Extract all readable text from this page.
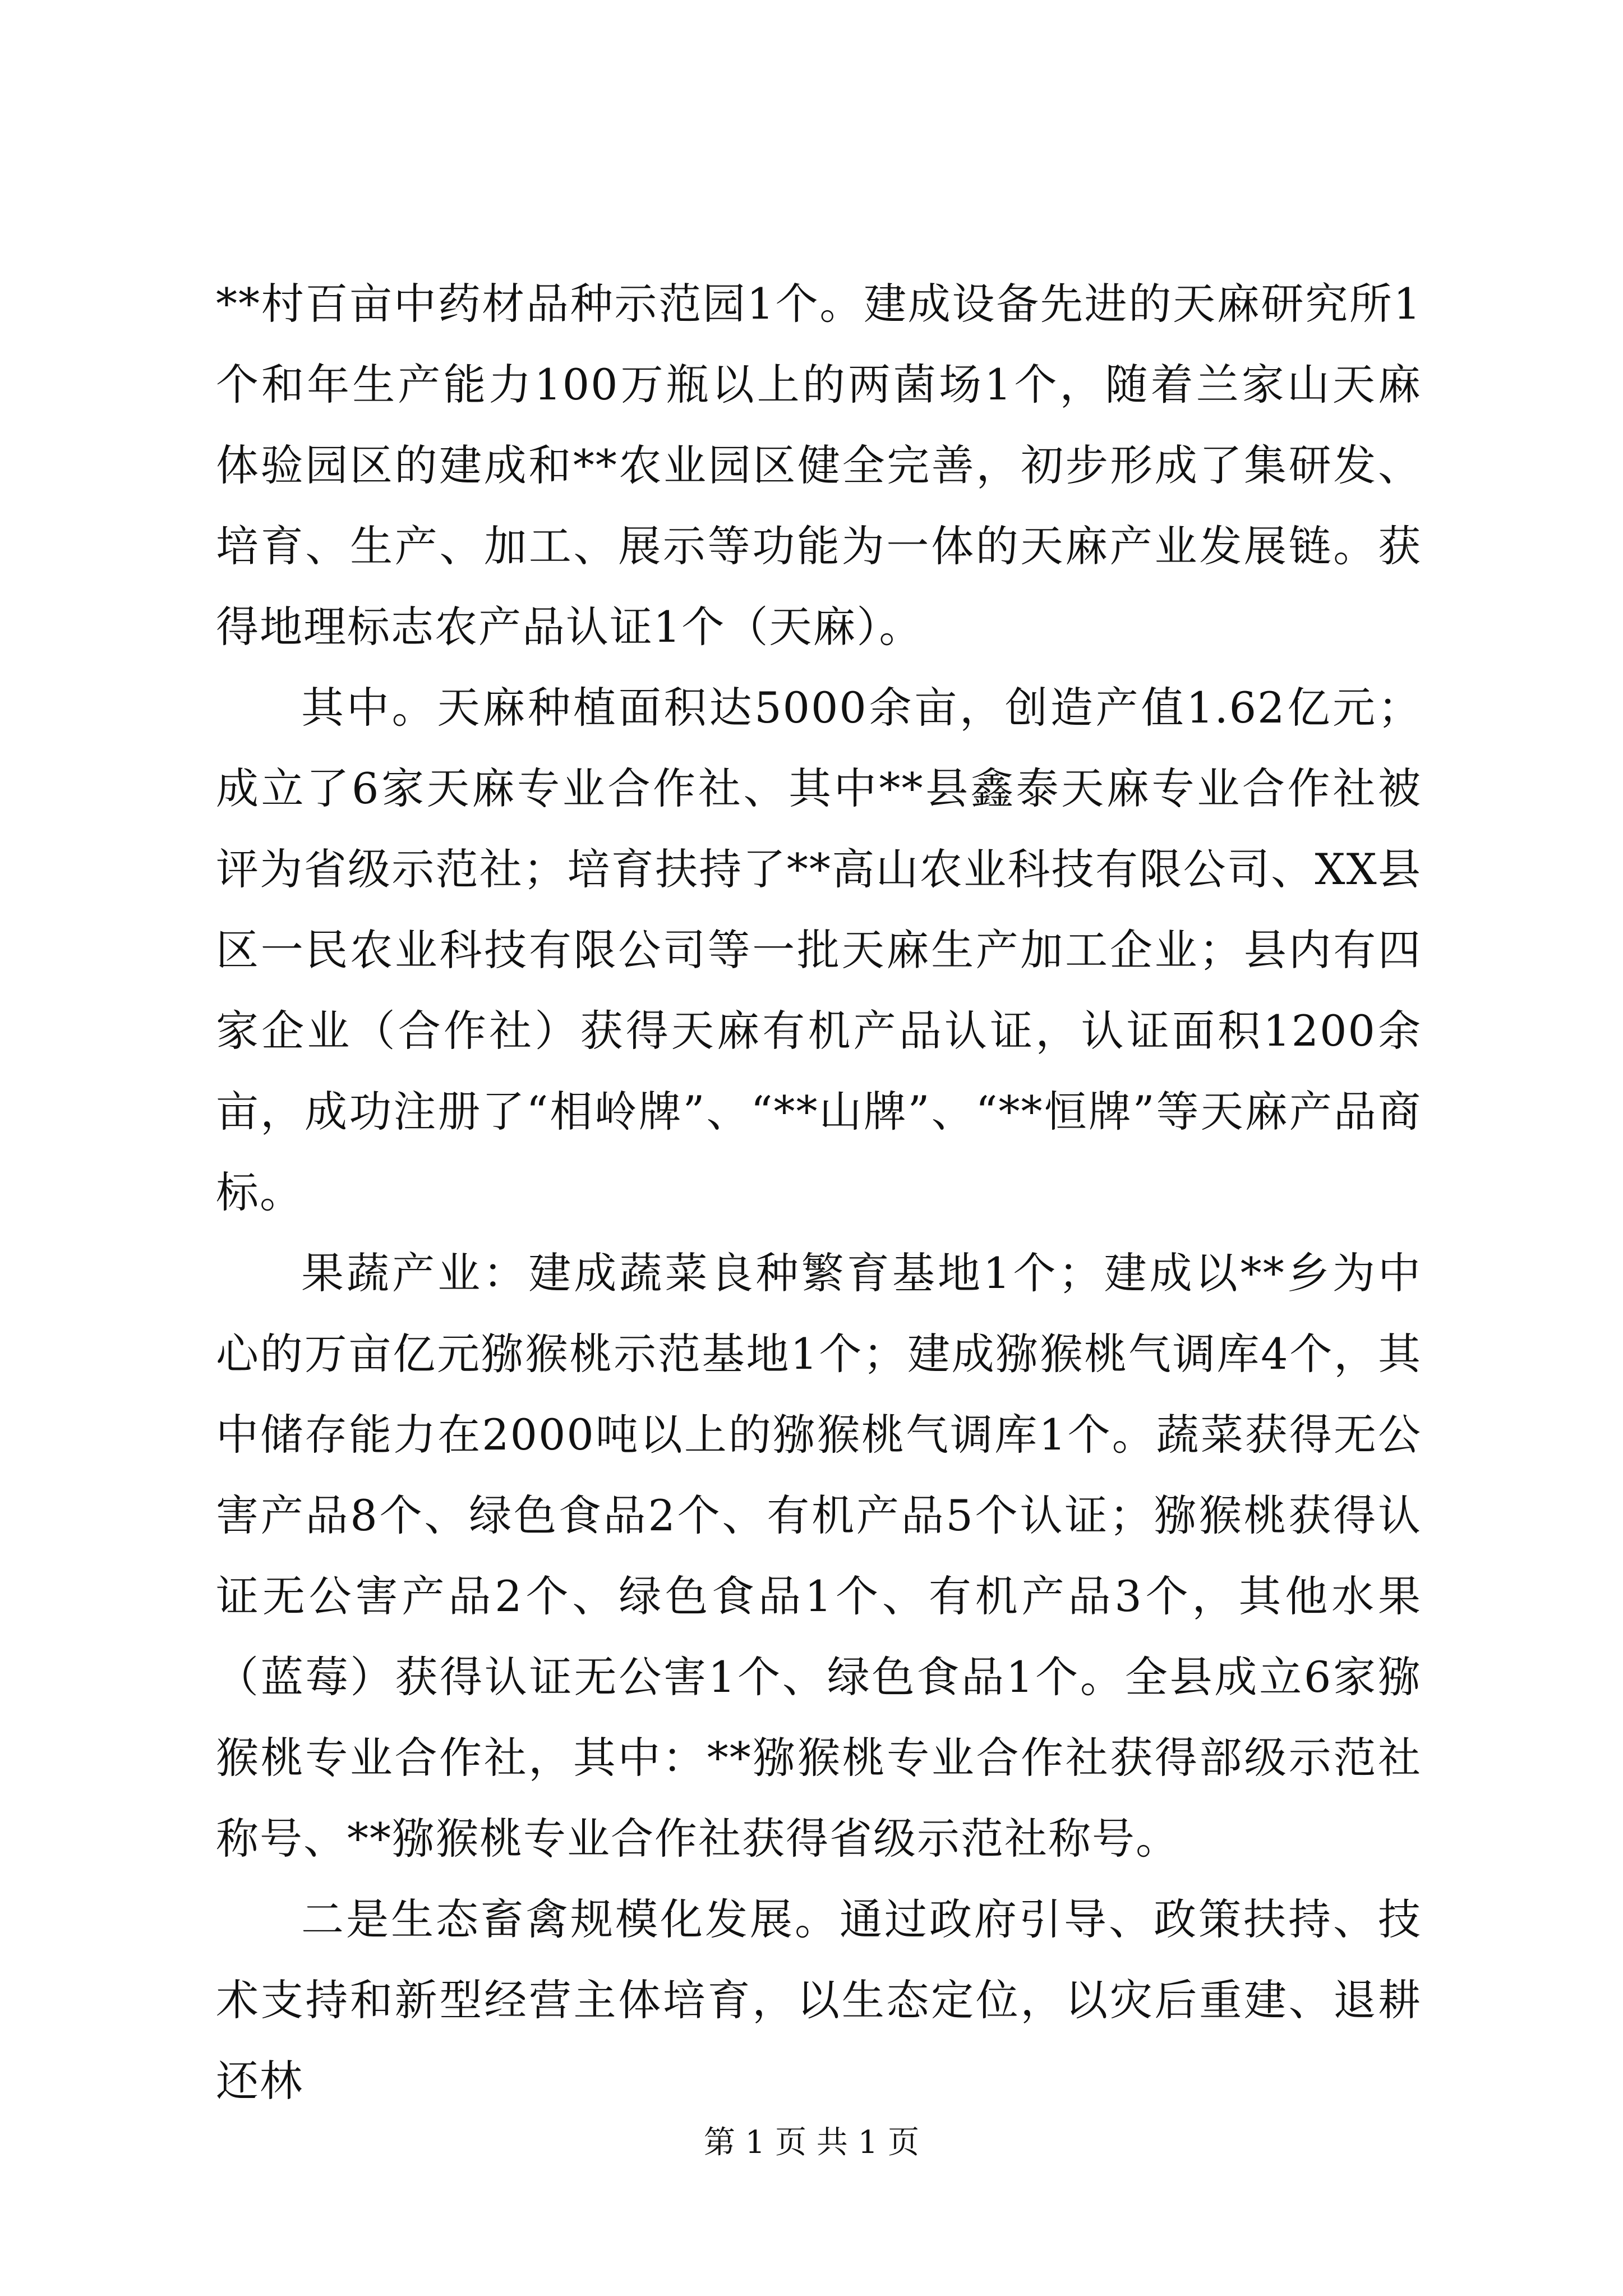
**村百亩中药材品种示范园1个。建成设备先进的天麻研究所1个和年生产能力100万瓶以上的两菌场1个，随着兰家山天麻体验园区的建成和**农业园区健全完善，初步形成了集研发、培育、生产、加工、展示等功能为一体的天麻产业发展链。获得地理标志农产品认证1个（天麻）。

其中。天麻种植面积达5000余亩，创造产值1.62亿元；成立了6家天麻专业合作社、其中**县鑫泰天麻专业合作社被评为省级示范社；培育扶持了**高山农业科技有限公司、XX县区一民农业科技有限公司等一批天麻生产加工企业；县内有四家企业（合作社）获得天麻有机产品认证，认证面积1200余亩，成功注册了“相岭牌”、“**山牌”、“**恒牌”等天麻产品商标。

果蔬产业：建成蔬菜良种繁育基地1个；建成以**乡为中心的万亩亿元猕猴桃示范基地1个；建成猕猴桃气调库4个，其中储存能力在2000吨以上的猕猴桃气调库1个。蔬菜获得无公害产品8个、绿色食品2个、有机产品5个认证；猕猴桃获得认证无公害产品2个、绿色食品1个、有机产品3个，其他水果（蓝莓）获得认证无公害1个、绿色食品1个。全县成立6家猕猴桃专业合作社，其中：**猕猴桃专业合作社获得部级示范社称号、**猕猴桃专业合作社获得省级示范社称号。

二是生态畜禽规模化发展。通过政府引导、政策扶持、技术支持和新型经营主体培育，以生态定位，以灾后重建、退耕还林

第 1 页 共 1 页
